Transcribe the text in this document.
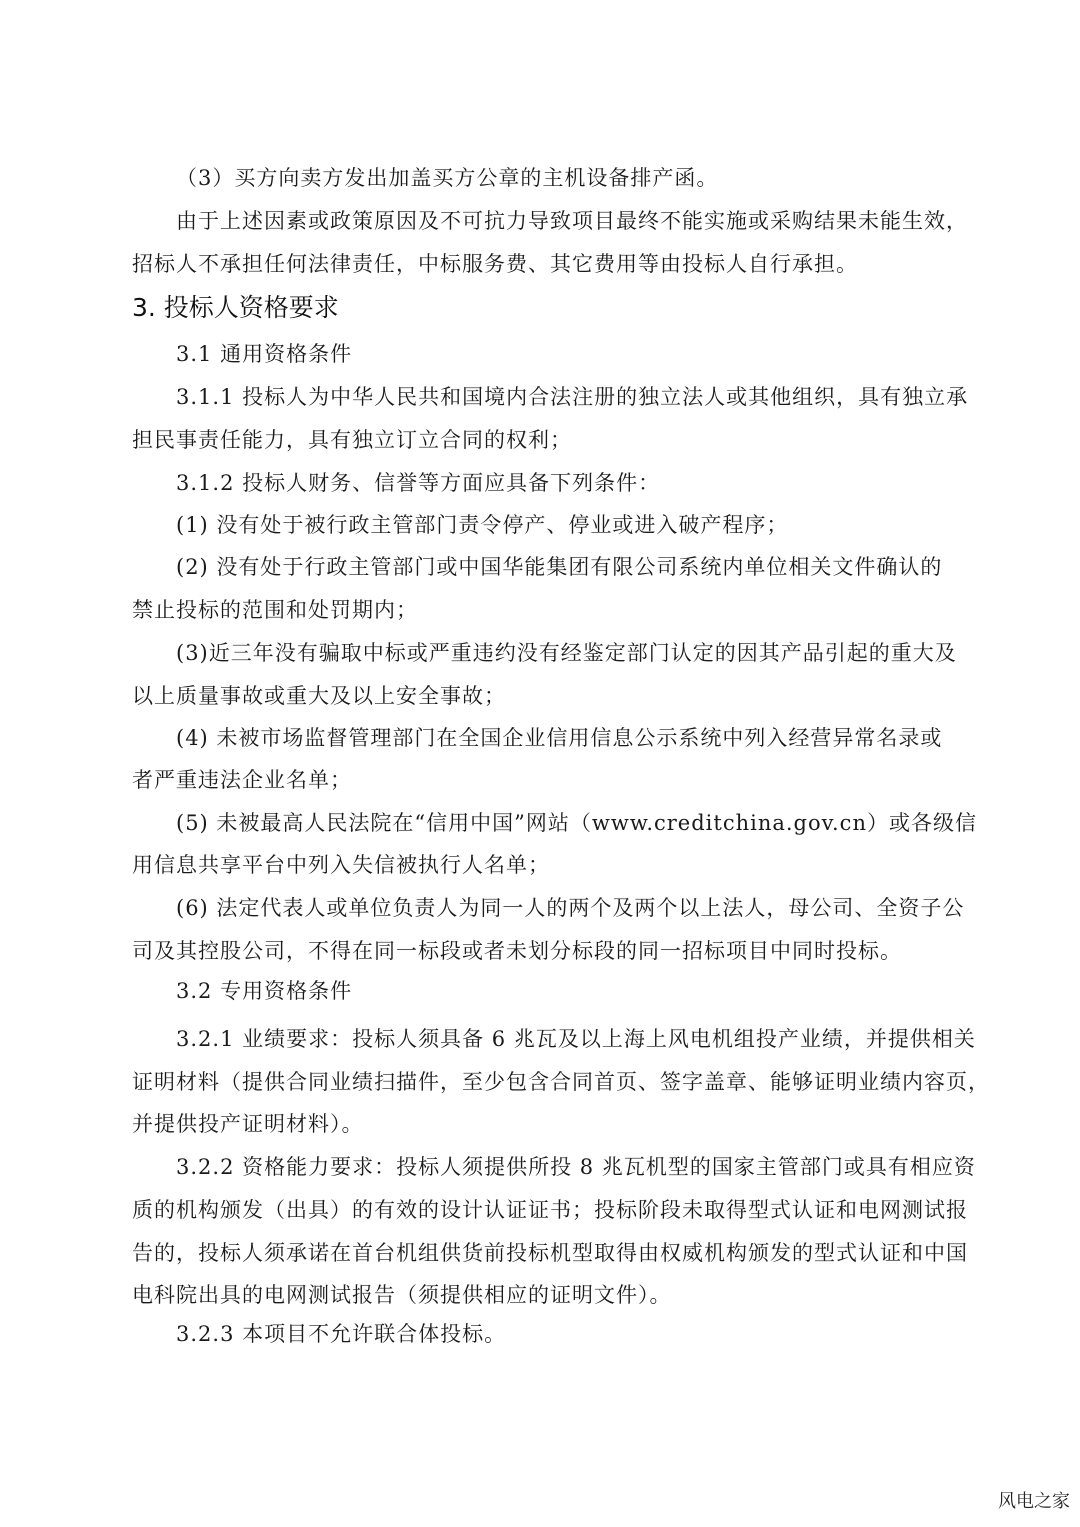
（3）买方向卖方发出加盖买方公章的主机设备排产函。
由于上述因素或政策原因及不可抗力导致项目最终不能实施或采购结果未能生效，
招标人不承担任何法律责任，中标服务费、其它费用等由投标人自行承担。
3. 投标人资格要求
3.1 通用资格条件
3.1.1 投标人为中华人民共和国境内合法注册的独立法人或其他组织，具有独立承
担民事责任能力，具有独立订立合同的权利；
3.1.2 投标人财务、信誉等方面应具备下列条件：
(1) 没有处于被行政主管部门责令停产、停业或进入破产程序；
(2) 没有处于行政主管部门或中国华能集团有限公司系统内单位相关文件确认的
禁止投标的范围和处罚期内；
(3)近三年没有骗取中标或严重违约没有经鉴定部门认定的因其产品引起的重大及
以上质量事故或重大及以上安全事故；
(4) 未被市场监督管理部门在全国企业信用信息公示系统中列入经营异常名录或
者严重违法企业名单；
(5) 未被最高人民法院在“信用中国”网站（www.creditchina.gov.cn）或各级信
用信息共享平台中列入失信被执行人名单；
(6) 法定代表人或单位负责人为同一人的两个及两个以上法人，母公司、全资子公
司及其控股公司，不得在同一标段或者未划分标段的同一招标项目中同时投标。
3.2 专用资格条件
3.2.1 业绩要求：投标人须具备 6 兆瓦及以上海上风电机组投产业绩，并提供相关
证明材料（提供合同业绩扫描件，至少包含合同首页、签字盖章、能够证明业绩内容页，
并提供投产证明材料）。
3.2.2 资格能力要求：投标人须提供所投 8 兆瓦机型的国家主管部门或具有相应资
质的机构颁发（出具）的有效的设计认证证书；投标阶段未取得型式认证和电网测试报
告的，投标人须承诺在首台机组供货前投标机型取得由权威机构颁发的型式认证和中国
电科院出具的电网测试报告（须提供相应的证明文件）。
3.2.3 本项目不允许联合体投标。
风电之家
